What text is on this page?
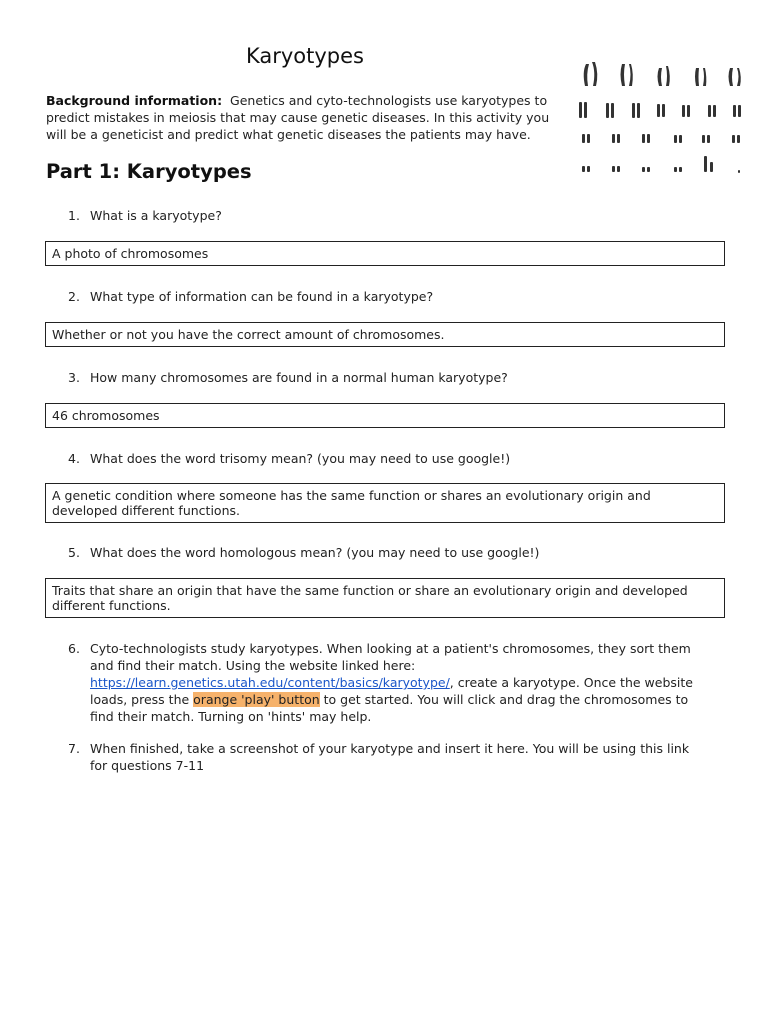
Karyotypes
Background information: Genetics and cyto-technologists use karyotypes to predict mistakes in meiosis that may cause genetic diseases. In this activity you will be a geneticist and predict what genetic diseases the patients may have.
Part 1: Karyotypes
1. What is a karyotype?
A photo of chromosomes
2. What type of information can be found in a karyotype?
Whether or not you have the correct amount of chromosomes.
3. How many chromosomes are found in a normal human karyotype?
46 chromosomes
4. What does the word trisomy mean? (you may need to use google!)
A genetic condition where someone has the same function or shares an evolutionary origin and developed different functions.
5. What does the word homologous mean? (you may need to use google!)
Traits that share an origin that have the same function or share an evolutionary origin and developed different functions.
6. Cyto-technologists study karyotypes. When looking at a patient's chromosomes, they sort them and find their match. Using the website linked here: https://learn.genetics.utah.edu/content/basics/karyotype/, create a karyotype. Once the website loads, press the orange 'play' button to get started. You will click and drag the chromosomes to find their match. Turning on 'hints' may help.
7. When finished, take a screenshot of your karyotype and insert it here. You will be using this link for questions 7-11
